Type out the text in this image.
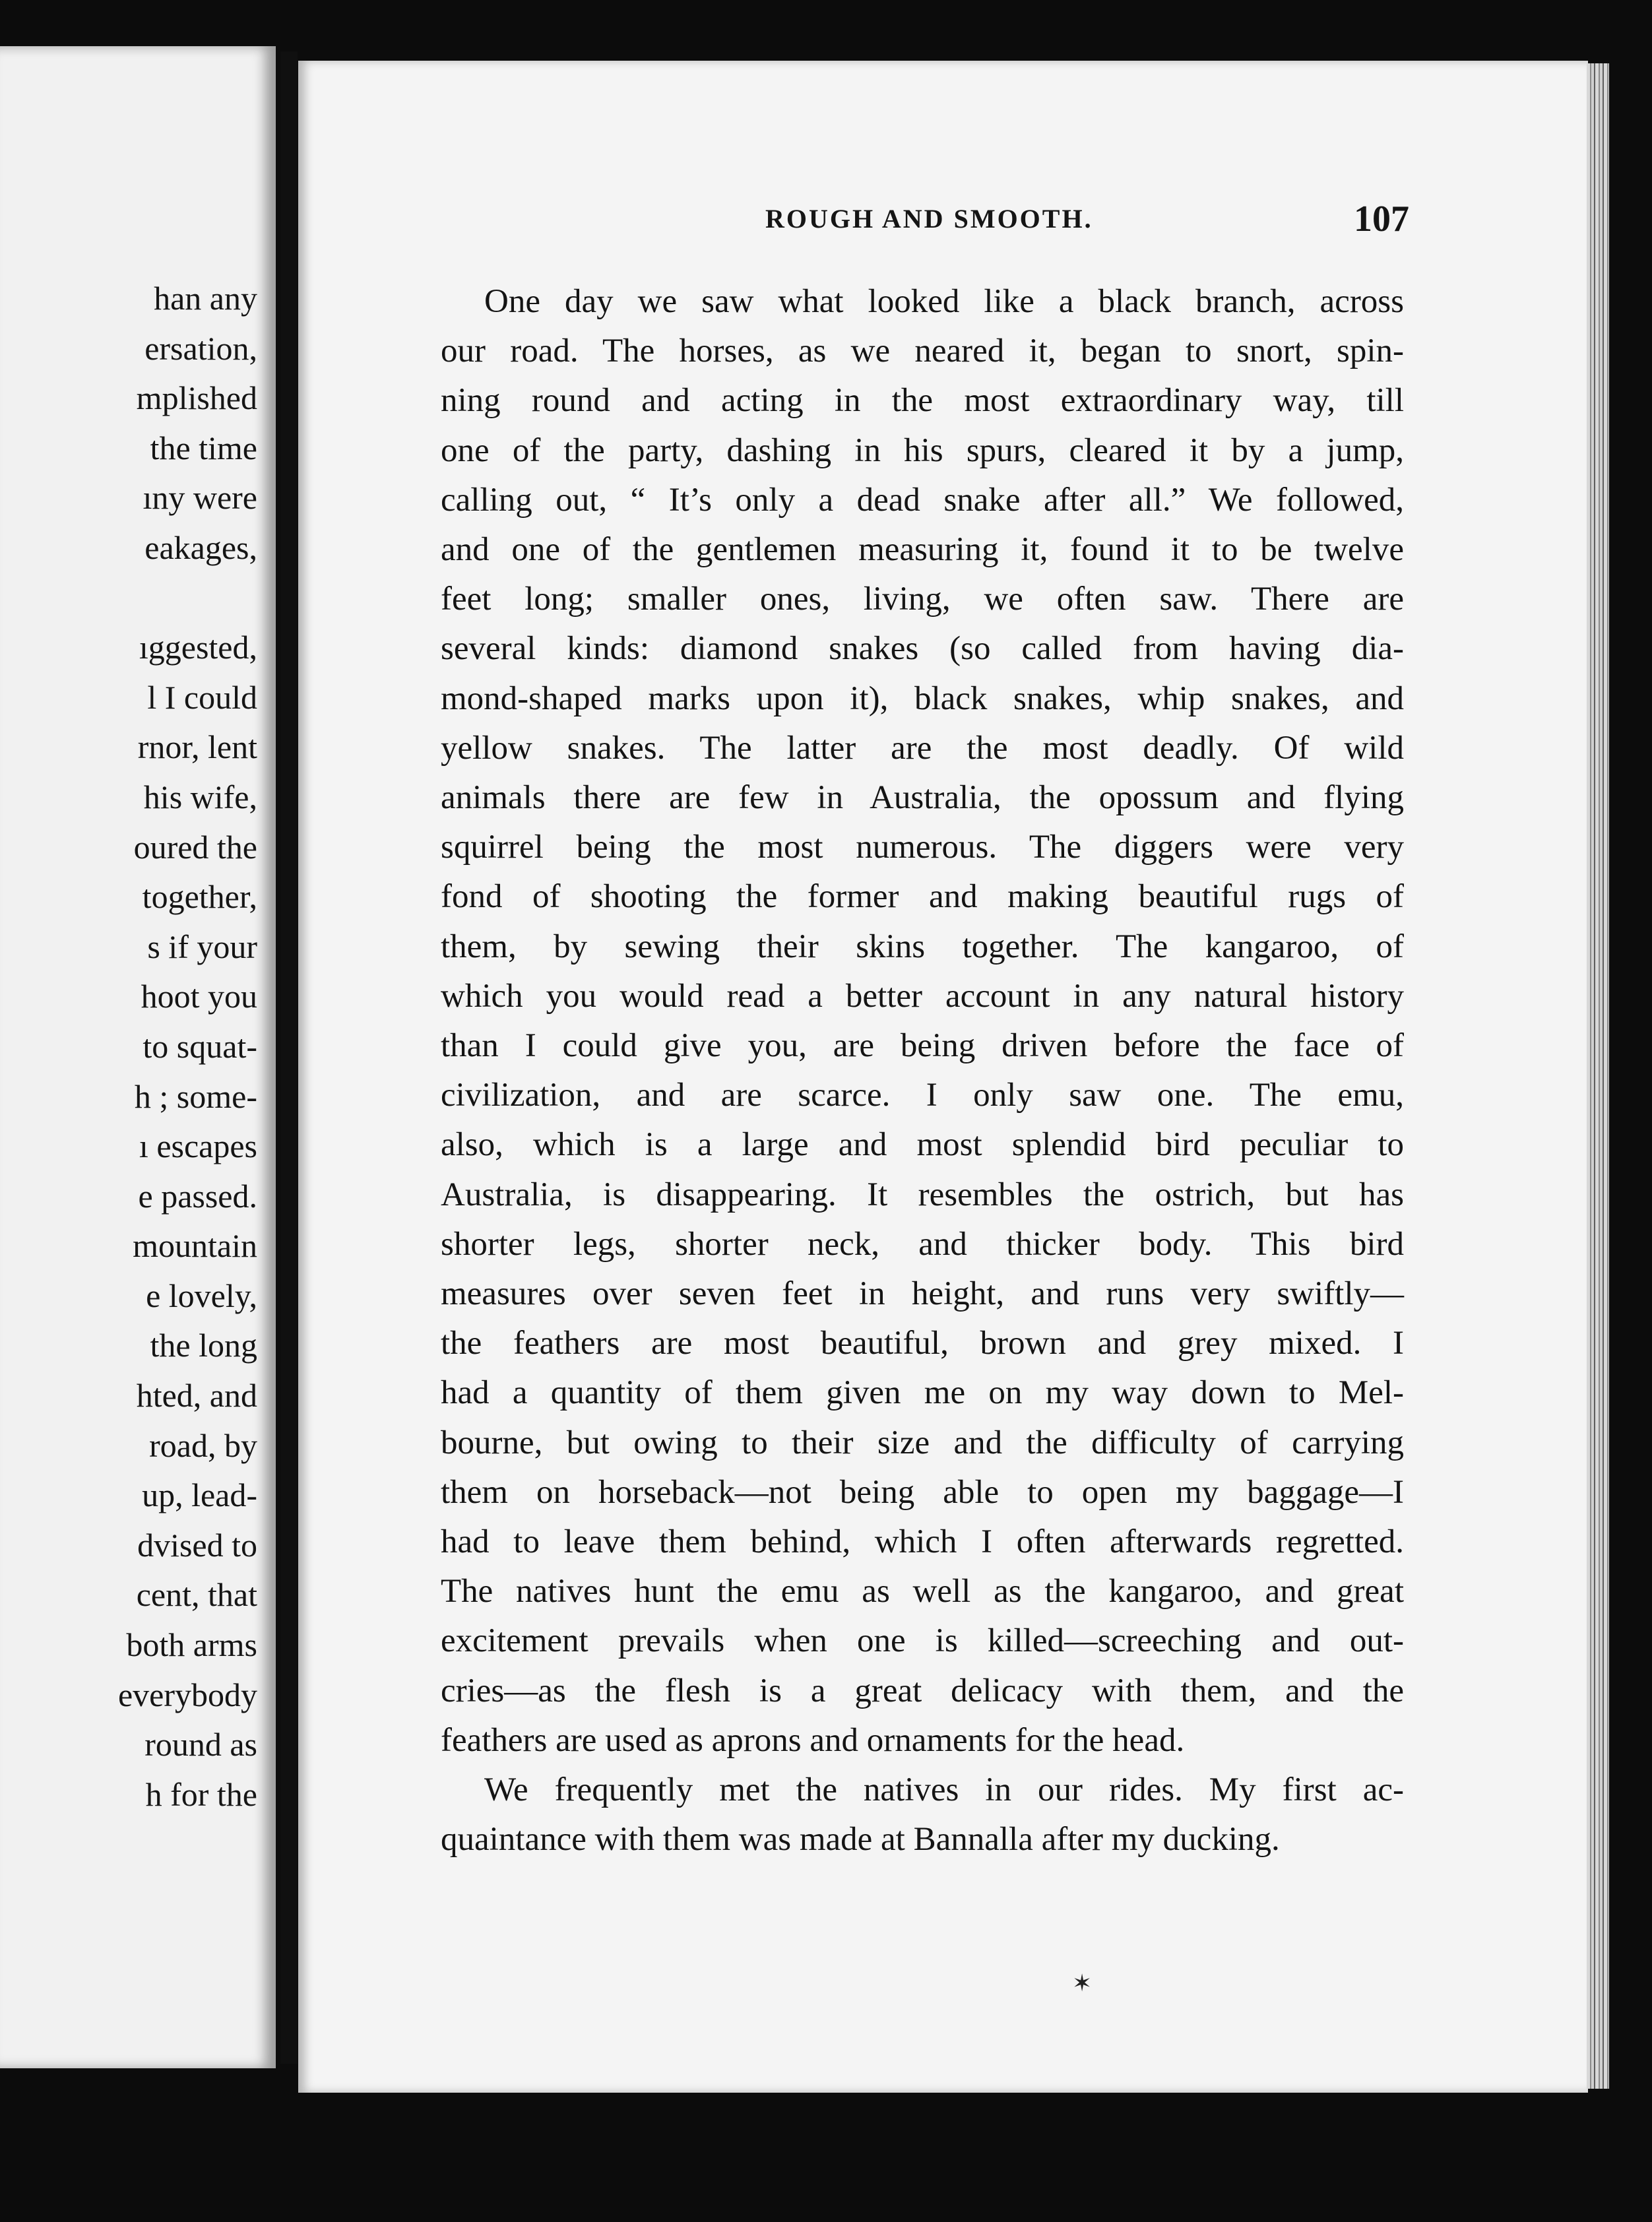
han any
ersation,
mplished
the time
ıny were
eakages,

ıggested,
l I could
rnor, lent
his wife,
oured the
together,
s if your
hoot you
to squat-
h ; some-
ı escapes
e passed.
mountain
e lovely,
the long
hted, and
road, by
up, lead-
dvised to
cent, that
both arms
everybody
round as
h for the
ROUGH AND SMOOTH.	107
One day we saw what looked like a black branch, across
our road. The horses, as we neared it, began to snort, spin-
ning round and acting in the most extraordinary way, till
one of the party, dashing in his spurs, cleared it by a jump,
calling out, “ It’s only a dead snake after all.” We followed,
and one of the gentlemen measuring it, found it to be twelve
feet long; smaller ones, living, we often saw. There are
several kinds: diamond snakes (so called from having dia-
mond-shaped marks upon it), black snakes, whip snakes, and
yellow snakes. The latter are the most deadly. Of wild
animals there are few in Australia, the opossum and flying
squirrel being the most numerous. The diggers were very
fond of shooting the former and making beautiful rugs of
them, by sewing their skins together. The kangaroo, of
which you would read a better account in any natural history
than I could give you, are being driven before the face of
civilization, and are scarce. I only saw one. The emu,
also, which is a large and most splendid bird peculiar to
Australia, is disappearing. It resembles the ostrich, but has
shorter legs, shorter neck, and thicker body. This bird
measures over seven feet in height, and runs very swiftly—
the feathers are most beautiful, brown and grey mixed. I
had a quantity of them given me on my way down to Mel-
bourne, but owing to their size and the difficulty of carrying
them on horseback—not being able to open my baggage—I
had to leave them behind, which I often afterwards regretted.
The natives hunt the emu as well as the kangaroo, and great
excitement prevails when one is killed—screeching and out-
cries—as the flesh is a great delicacy with them, and the
feathers are used as aprons and ornaments for the head.
We frequently met the natives in our rides. My first ac-
quaintance with them was made at Bannalla after my ducking.
✶
